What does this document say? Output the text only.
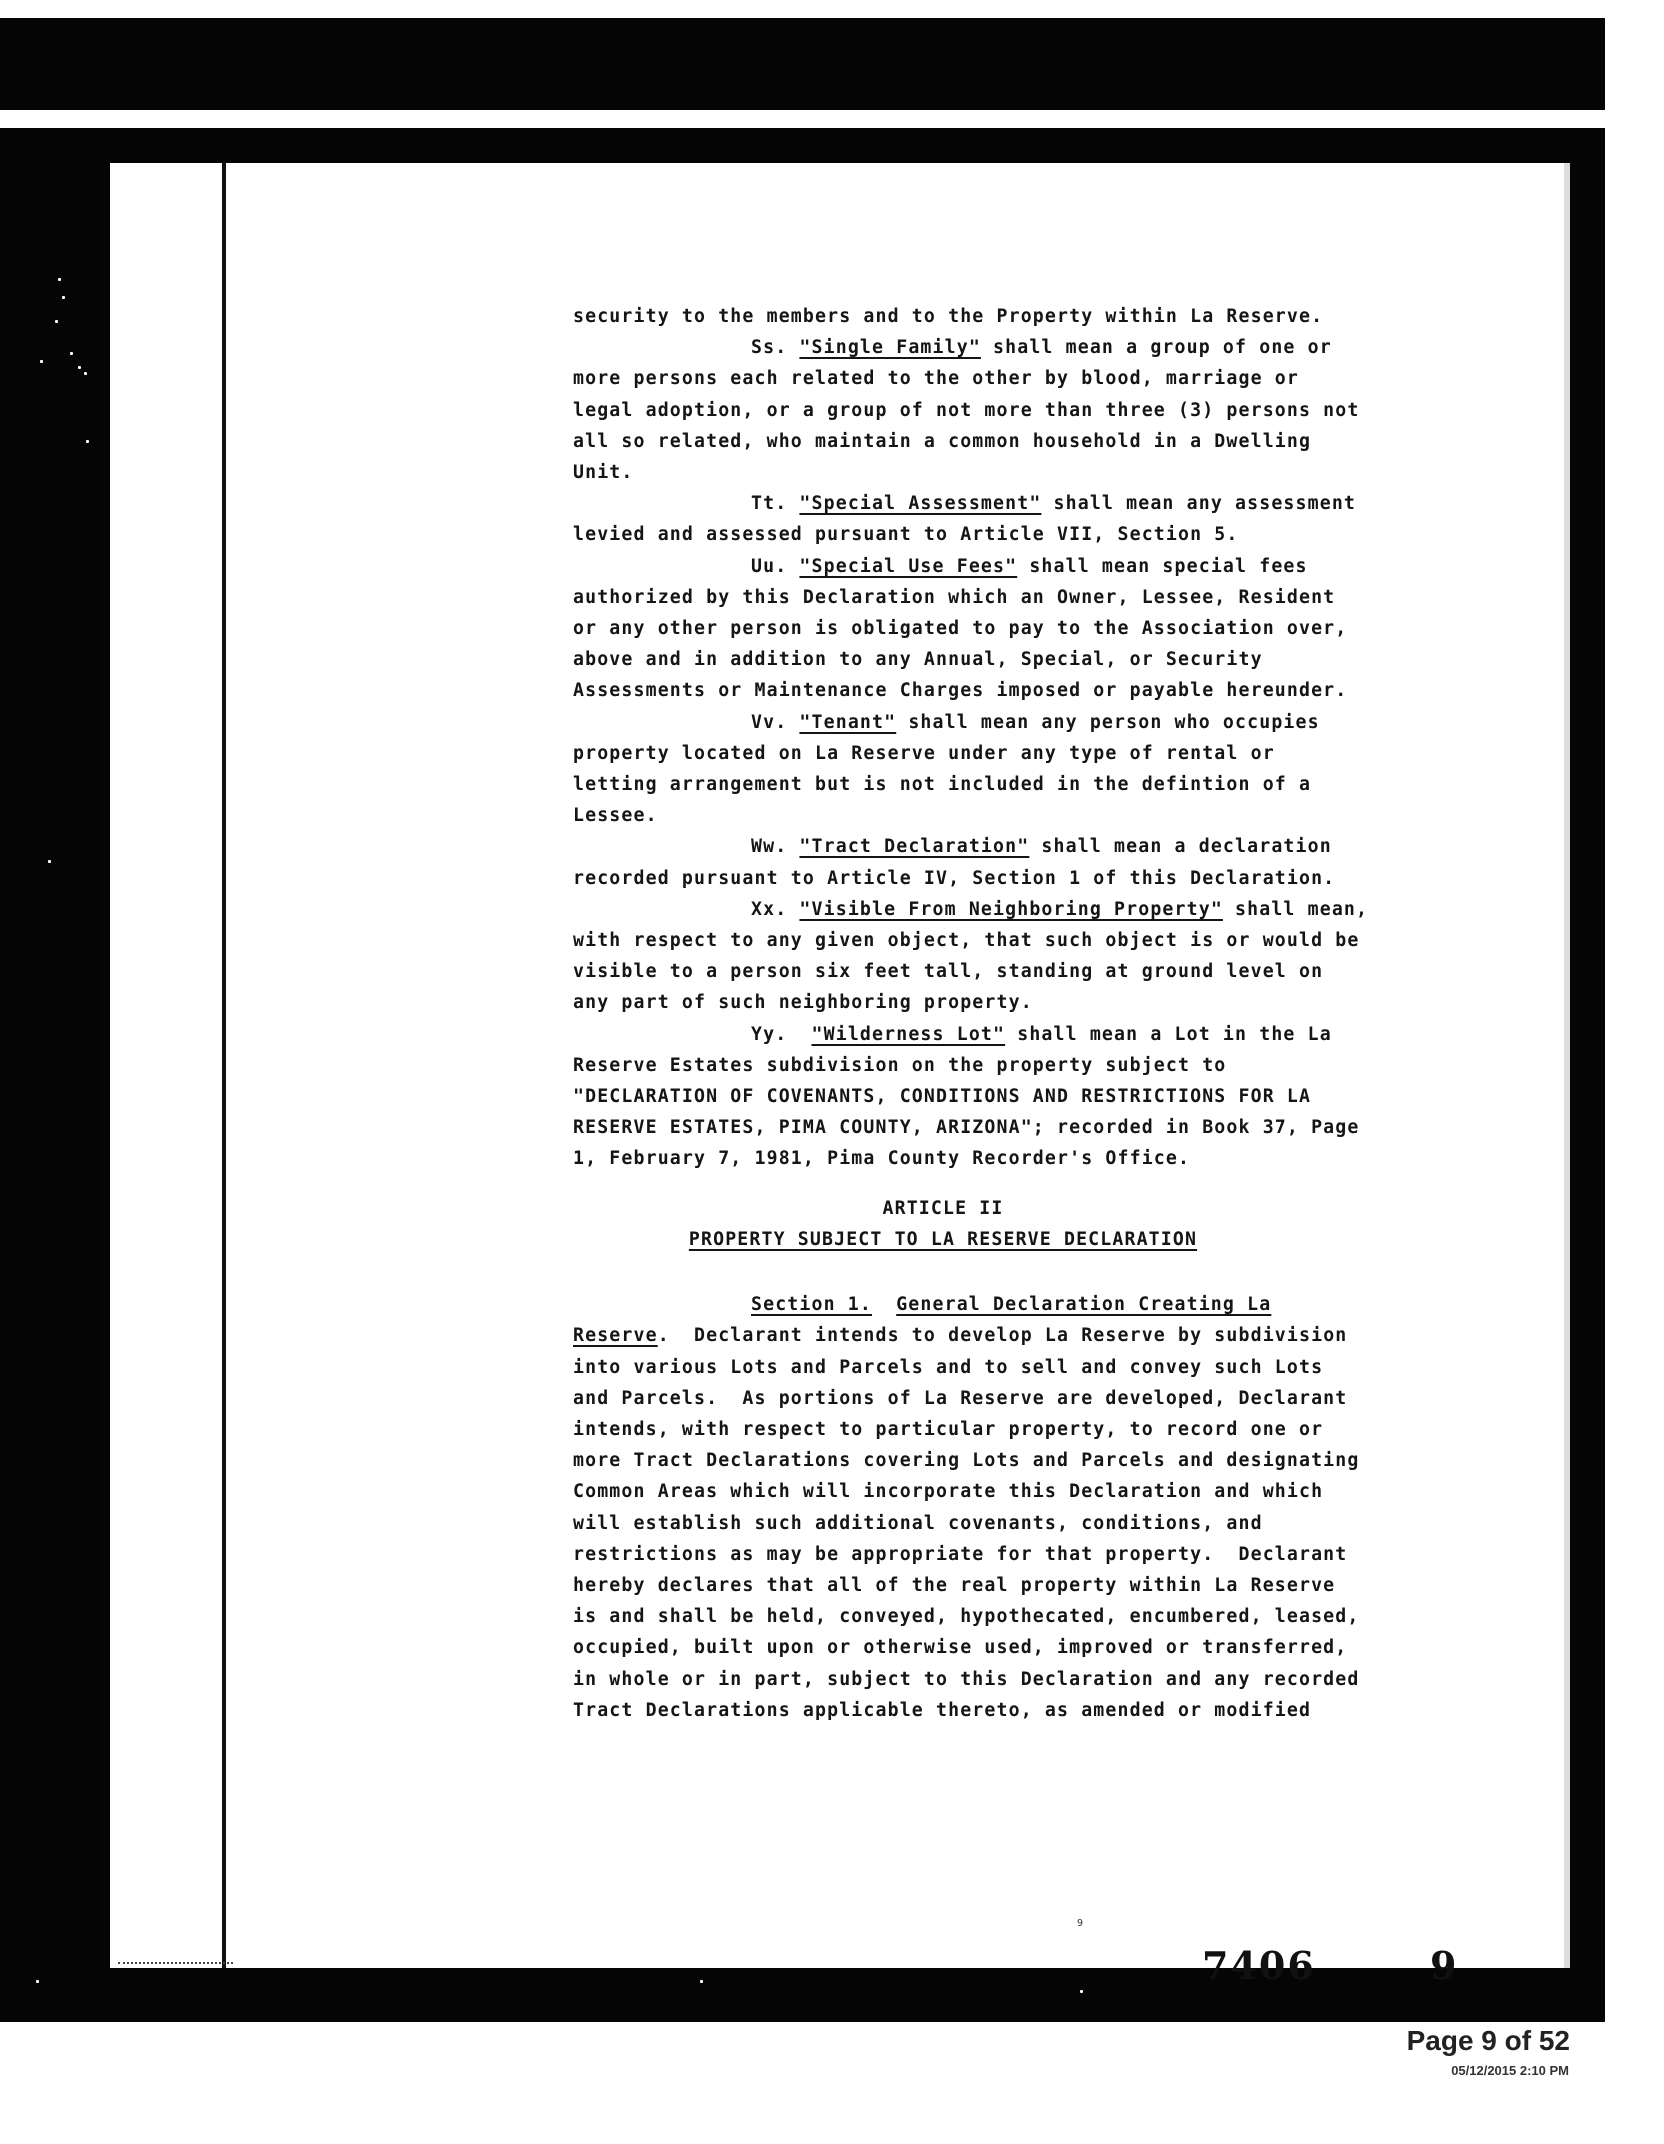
security to the members and to the Property within La Reserve.
Ss. "Single Family" shall mean a group of one or
more persons each related to the other by blood, marriage or
legal adoption, or a group of not more than three (3) persons not
all so related, who maintain a common household in a Dwelling
Unit.
Tt. "Special Assessment" shall mean any assessment
levied and assessed pursuant to Article VII, Section 5.
Uu. "Special Use Fees" shall mean special fees
authorized by this Declaration which an Owner, Lessee, Resident
or any other person is obligated to pay to the Association over,
above and in addition to any Annual, Special, or Security
Assessments or Maintenance Charges imposed or payable hereunder.
Vv. "Tenant" shall mean any person who occupies
property located on La Reserve under any type of rental or
letting arrangement but is not included in the defintion of a
Lessee.
Ww. "Tract Declaration" shall mean a declaration
recorded pursuant to Article IV, Section 1 of this Declaration.
Xx. "Visible From Neighboring Property" shall mean,
with respect to any given object, that such object is or would be
visible to a person six feet tall, standing at ground level on
any part of such neighboring property.
Yy. "Wilderness Lot" shall mean a Lot in the La
Reserve Estates subdivision on the property subject to
"DECLARATION OF COVENANTS, CONDITIONS AND RESTRICTIONS FOR LA
RESERVE ESTATES, PIMA COUNTY, ARIZONA"; recorded in Book 37, Page
1, February 7, 1981, Pima County Recorder's Office.
ARTICLE II
PROPERTY SUBJECT TO LA RESERVE DECLARATION
Section 1. General Declaration Creating La
Reserve.  Declarant intends to develop La Reserve by subdivision
into various Lots and Parcels and to sell and convey such Lots
and Parcels.  As portions of La Reserve are developed, Declarant
intends, with respect to particular property, to record one or
more Tract Declarations covering Lots and Parcels and designating
Common Areas which will incorporate this Declaration and which
will establish such additional covenants, conditions, and
restrictions as may be appropriate for that property.  Declarant
hereby declares that all of the real property within La Reserve
is and shall be held, conveyed, hypothecated, encumbered, leased,
occupied, built upon or otherwise used, improved or transferred,
in whole or in part, subject to this Declaration and any recorded
Tract Declarations applicable thereto, as amended or modified
9
7406	9
Page 9 of 52
05/12/2015 2:10 PM
